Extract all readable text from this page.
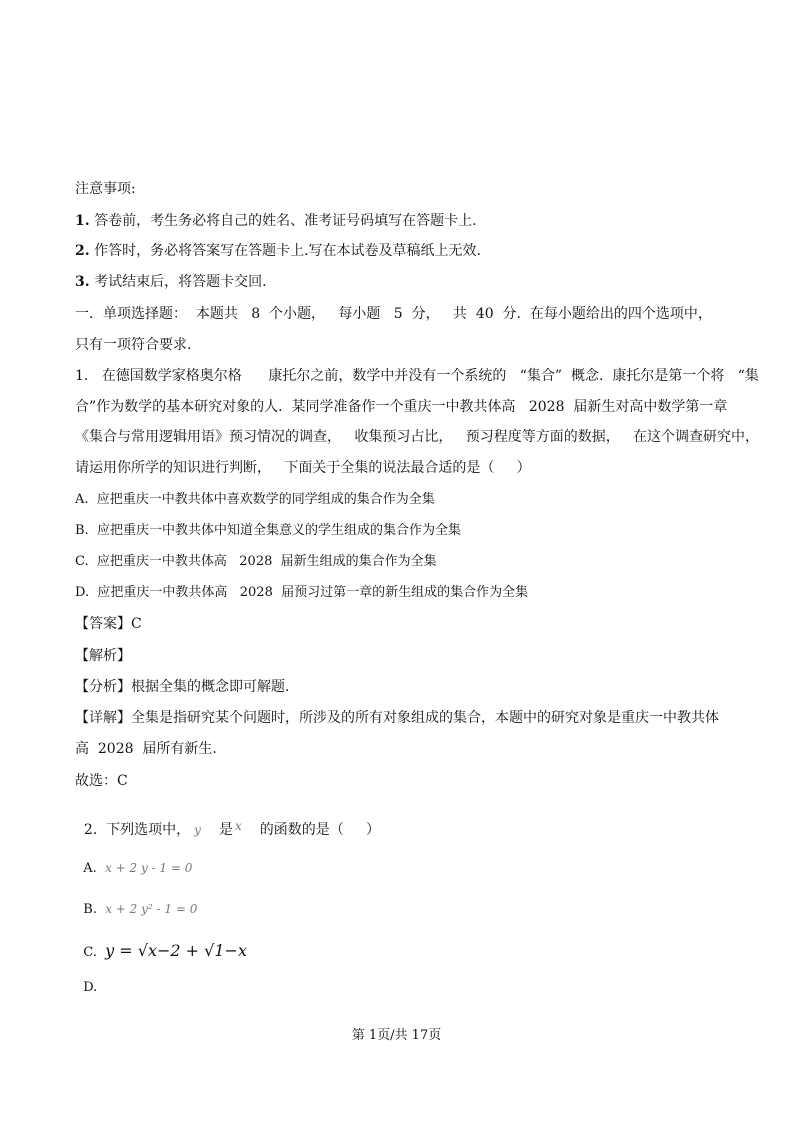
注意事项:
1. 答卷前，考生务必将自己的姓名、准考证号码填写在答题卡上.
2. 作答时，务必将答案写在答题卡上.写在本试卷及草稿纸上无效.
3. 考试结束后，将答题卡交回.
一．单项选择题：  本题共   8  个小题，   每小题   5  分，   共  40  分.  在每小题给出的四个选项中，
只有一项符合要求.
1.   在德国数学家格奥尔格      康托尔之前，数学中并没有一个系统的   “集合”  概念.  康托尔是第一个将   “集
合”作为数学的基本研究对象的人.  某同学准备作一个重庆一中教共体高   2028  届新生对高中数学第一章
《集合与常用逻辑用语》预习情况的调查，   收集预习占比，   预习程度等方面的数据，   在这个调查研究中，
请运用你所学的知识进行判断，   下面关于全集的说法最合适的是（     ）
A.  应把重庆一中教共体中喜欢数学的同学组成的集合作为全集
B.  应把重庆一中教共体中知道全集意义的学生组成的集合作为全集
C.  应把重庆一中教共体高   2028  届新生组成的集合作为全集
D.  应把重庆一中教共体高   2028  届预习过第一章的新生组成的集合作为全集
【答案】C
【解析】
【分析】根据全集的概念即可解题.
【详解】全集是指研究某个问题时，所涉及的所有对象组成的集合，本题中的研究对象是重庆一中教共体
高  2028  届所有新生.
故选：C

2.  下列选项中， y 是 x 的函数的是（     ）

A. x + 2 y - 1 = 0

B. x + 2 y² - 1 = 0

C. y = √x−2 + √1−x

D.

第 1页/共 17页
